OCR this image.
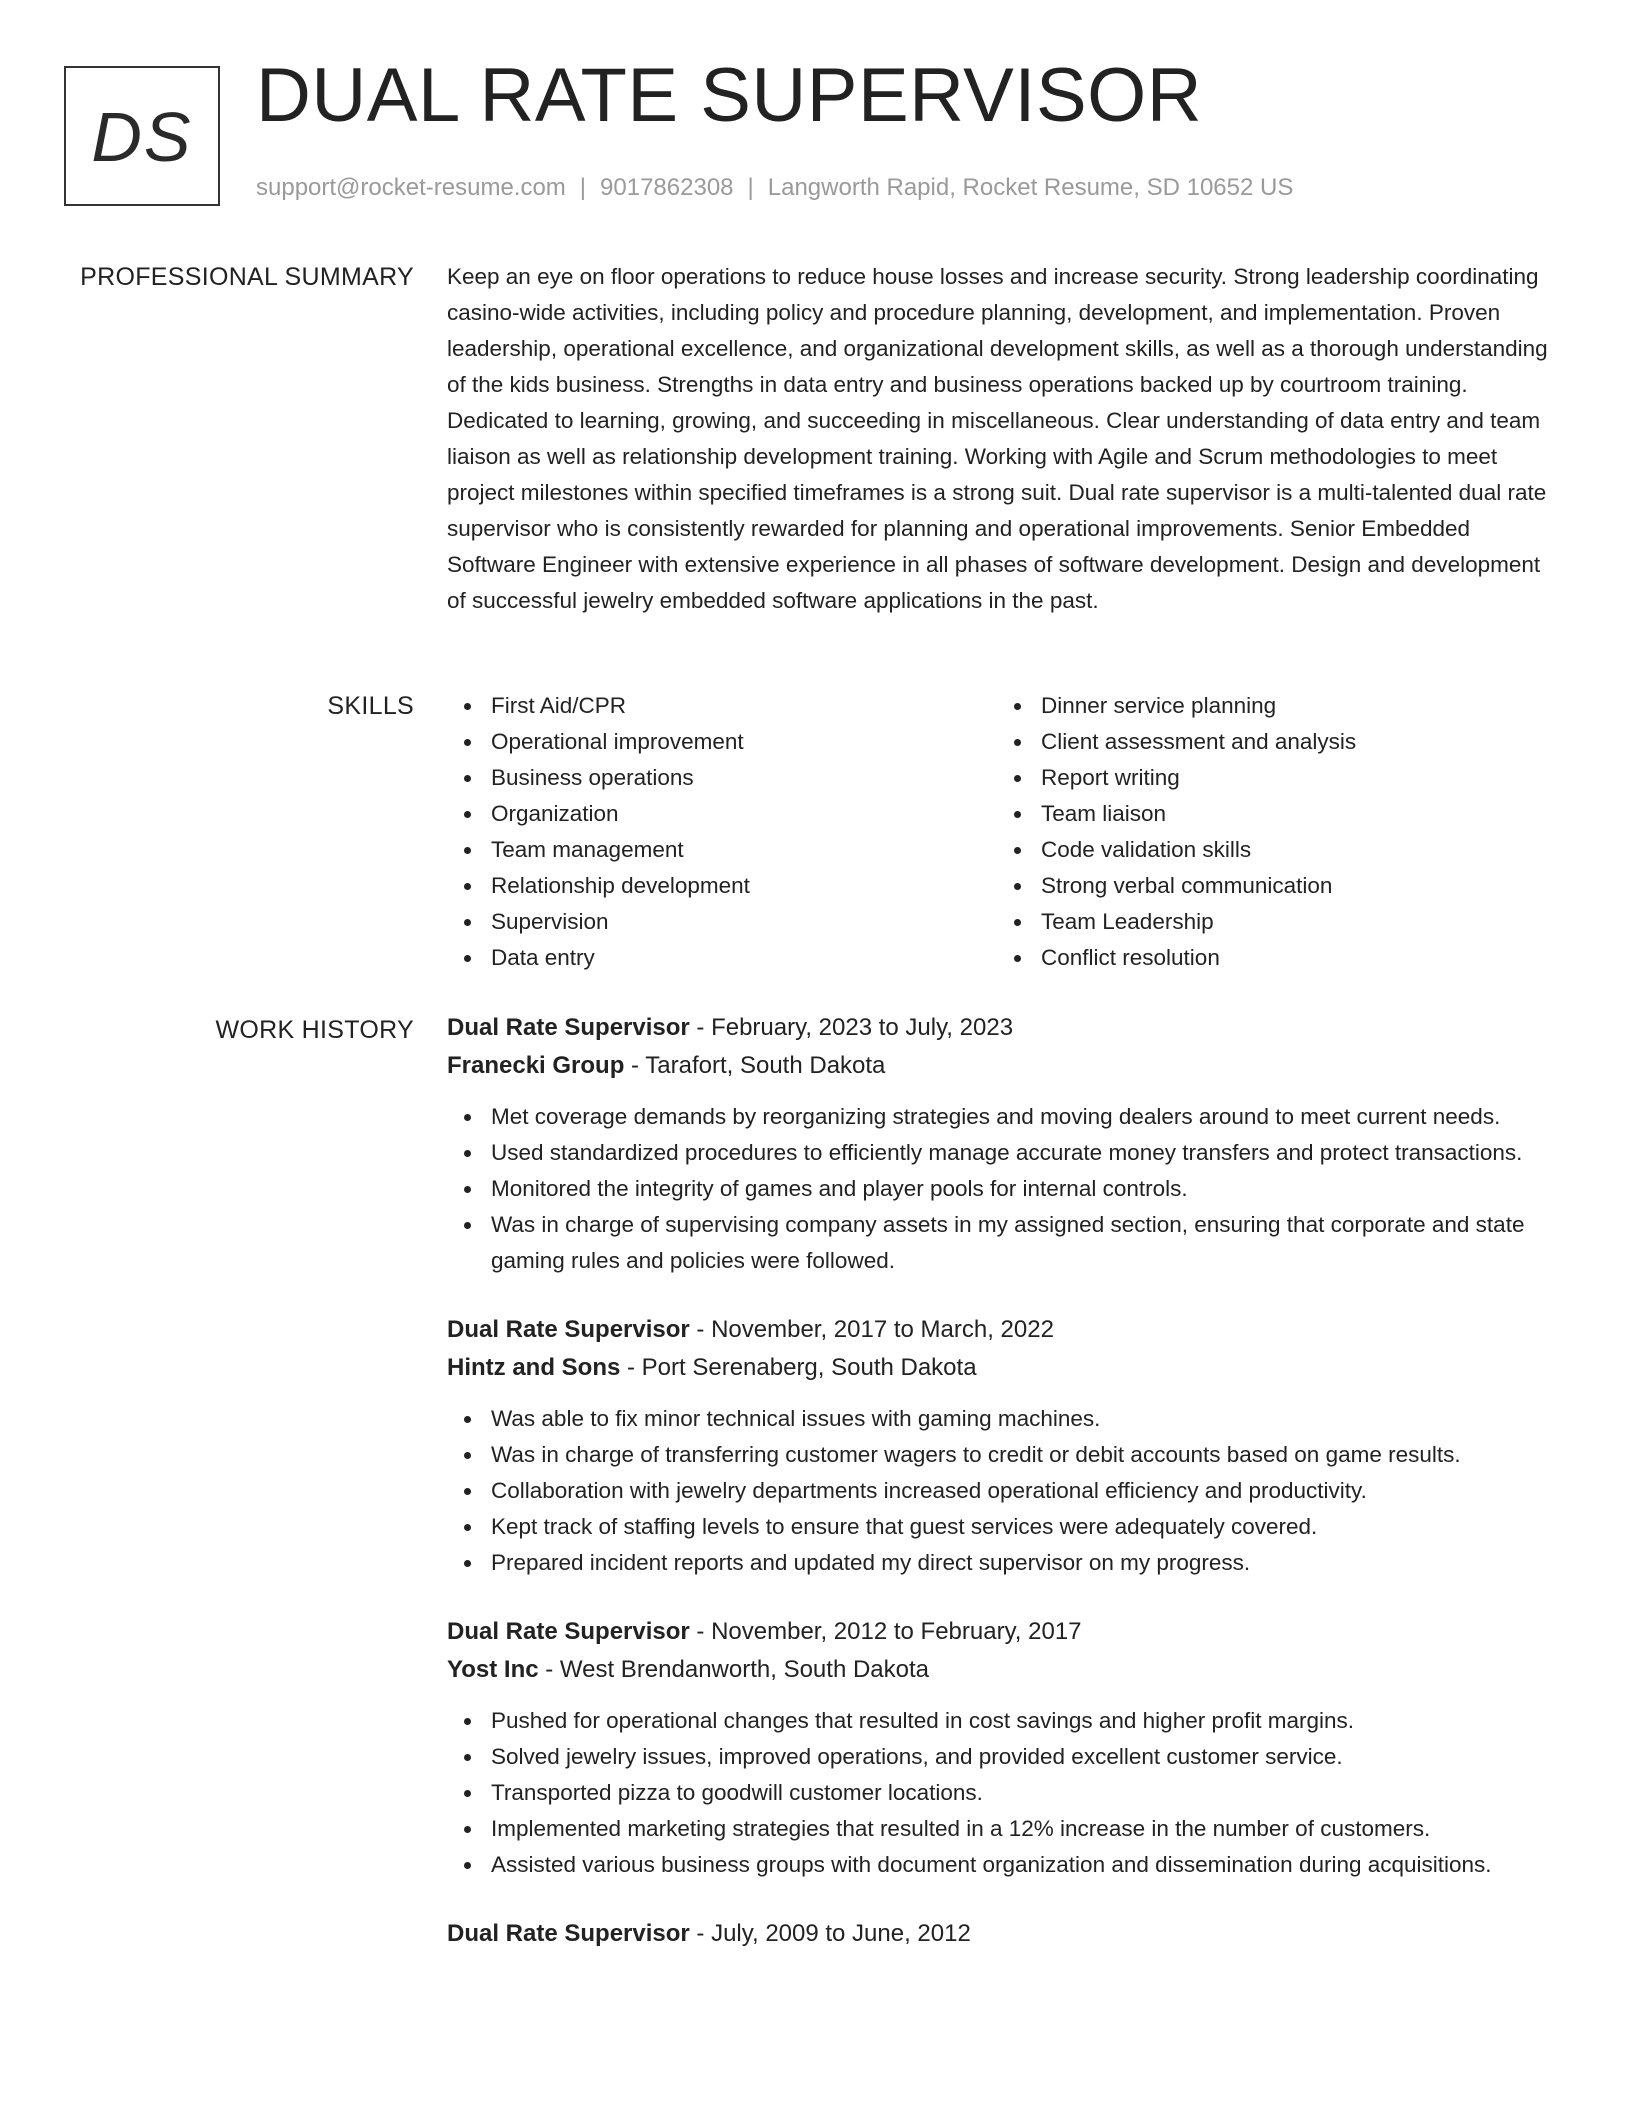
DS DUAL RATE SUPERVISOR
support@rocket-resume.com | 9017862308 | Langworth Rapid, Rocket Resume, SD 10652 US
PROFESSIONAL SUMMARY Keep an eye on floor operations to reduce house losses and increase security. Strong leadership coordinating casino-wide activities, including policy and procedure planning, development, and implementation. Proven leadership, operational excellence, and organizational development skills, as well as a thorough understanding of the kids business. Strengths in data entry and business operations backed up by courtroom training. Dedicated to learning, growing, and succeeding in miscellaneous. Clear understanding of data entry and team liaison as well as relationship development training. Working with Agile and Scrum methodologies to meet project milestones within specified timeframes is a strong suit. Dual rate supervisor is a multi-talented dual rate supervisor who is consistently rewarded for planning and operational improvements. Senior Embedded Software Engineer with extensive experience in all phases of software development. Design and development of successful jewelry embedded software applications in the past.

SKILLS	First Aid/CPR
Operational improvement
Business operations
Organization
Team management
Relationship development
Supervision
Data entry
Dinner service planning
Client assessment and analysis
Report writing
Team liaison
Code validation skills
Strong verbal communication
Team Leadership
Conflict resolution
WORK HISTORY Dual Rate Supervisor - February, 2023 to July, 2023
Franecki Group - Tarafort, South Dakota
Met coverage demands by reorganizing strategies and moving dealers around to meet current needs.
Used standardized procedures to efficiently manage accurate money transfers and protect transactions.
Monitored the integrity of games and player pools for internal controls.
Was in charge of supervising company assets in my assigned section, ensuring that corporate and state gaming rules and policies were followed.
Dual Rate Supervisor - November, 2017 to March, 2022
Hintz and Sons - Port Serenaberg, South Dakota
Was able to fix minor technical issues with gaming machines.
Was in charge of transferring customer wagers to credit or debit accounts based on game results.
Collaboration with jewelry departments increased operational efficiency and productivity.
Kept track of staffing levels to ensure that guest services were adequately covered.
Prepared incident reports and updated my direct supervisor on my progress.
Dual Rate Supervisor - November, 2012 to February, 2017
Yost Inc - West Brendanworth, South Dakota
Pushed for operational changes that resulted in cost savings and higher profit margins.
Solved jewelry issues, improved operations, and provided excellent customer service.
Transported pizza to goodwill customer locations.
Implemented marketing strategies that resulted in a 12% increase in the number of customers.
Assisted various business groups with document organization and dissemination during acquisitions.
Dual Rate Supervisor - July, 2009 to June, 2012
